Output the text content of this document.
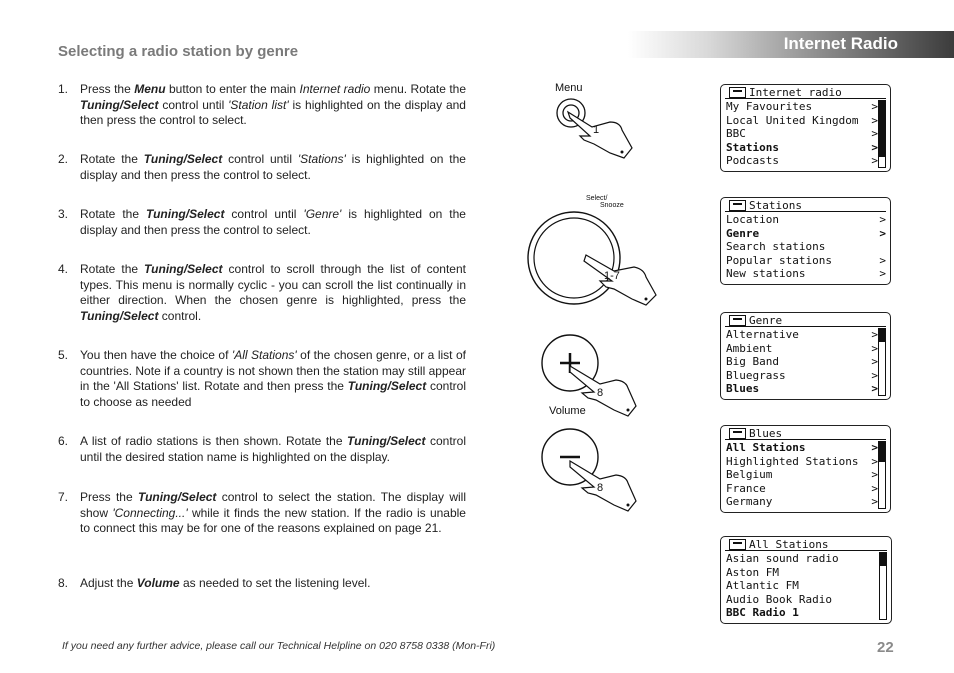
Internet Radio
Selecting a radio station by genre
1. Press the Menu button to enter the main Internet radio menu. Rotate the Tuning/Select control until 'Station list' is highlighted on the display and then press the control to select.
2. Rotate the Tuning/Select control until 'Stations' is highlighted on the display and then press the control to select.
3. Rotate the Tuning/Select control until 'Genre' is highlighted on the display and then press the control to select.
4. Rotate the Tuning/Select control to scroll through the list of content types. This menu is normally cyclic - you can scroll the list continually in either direction. When the chosen genre is highlighted, press the Tuning/Select control.
5. You then have the choice of 'All Stations' of the chosen genre, or a list of countries. Note if a country is not shown then the station may still appear in the 'All Stations' list. Rotate and then press the Tuning/Select control to choose as needed
6. A list of radio stations is then shown. Rotate the Tuning/Select control until the desired station name is highlighted on the display.
7. Press the Tuning/Select control to select the station. The display will show 'Connecting...' while it finds the new station. If the radio is unable to connect this may be for one of the reasons explained on page 21.
8. Adjust the Volume as needed to set the listening level.
Menu
1
Select/
Snooze
1-7
8
Volume
8
Internet radio
My Favourites	>
Local United Kingdom >
BBC	>
Stations	>
Podcasts	>
Stations
Location	>
Genre	>
Search stations
Popular stations	>
New stations	>
Genre
Alternative	>
Ambient	>
Big Band	>
Bluegrass	>
Blues	>
Blues
All Stations	>
Highlighted Stations >
Belgium	>
France	>
Germany	>
All Stations
Asian sound radio
Aston FM
Atlantic FM
Audio Book Radio
BBC Radio 1
If you need any further advice, please call our Technical Helpline on 020 8758 0338 (Mon-Fri)	22
